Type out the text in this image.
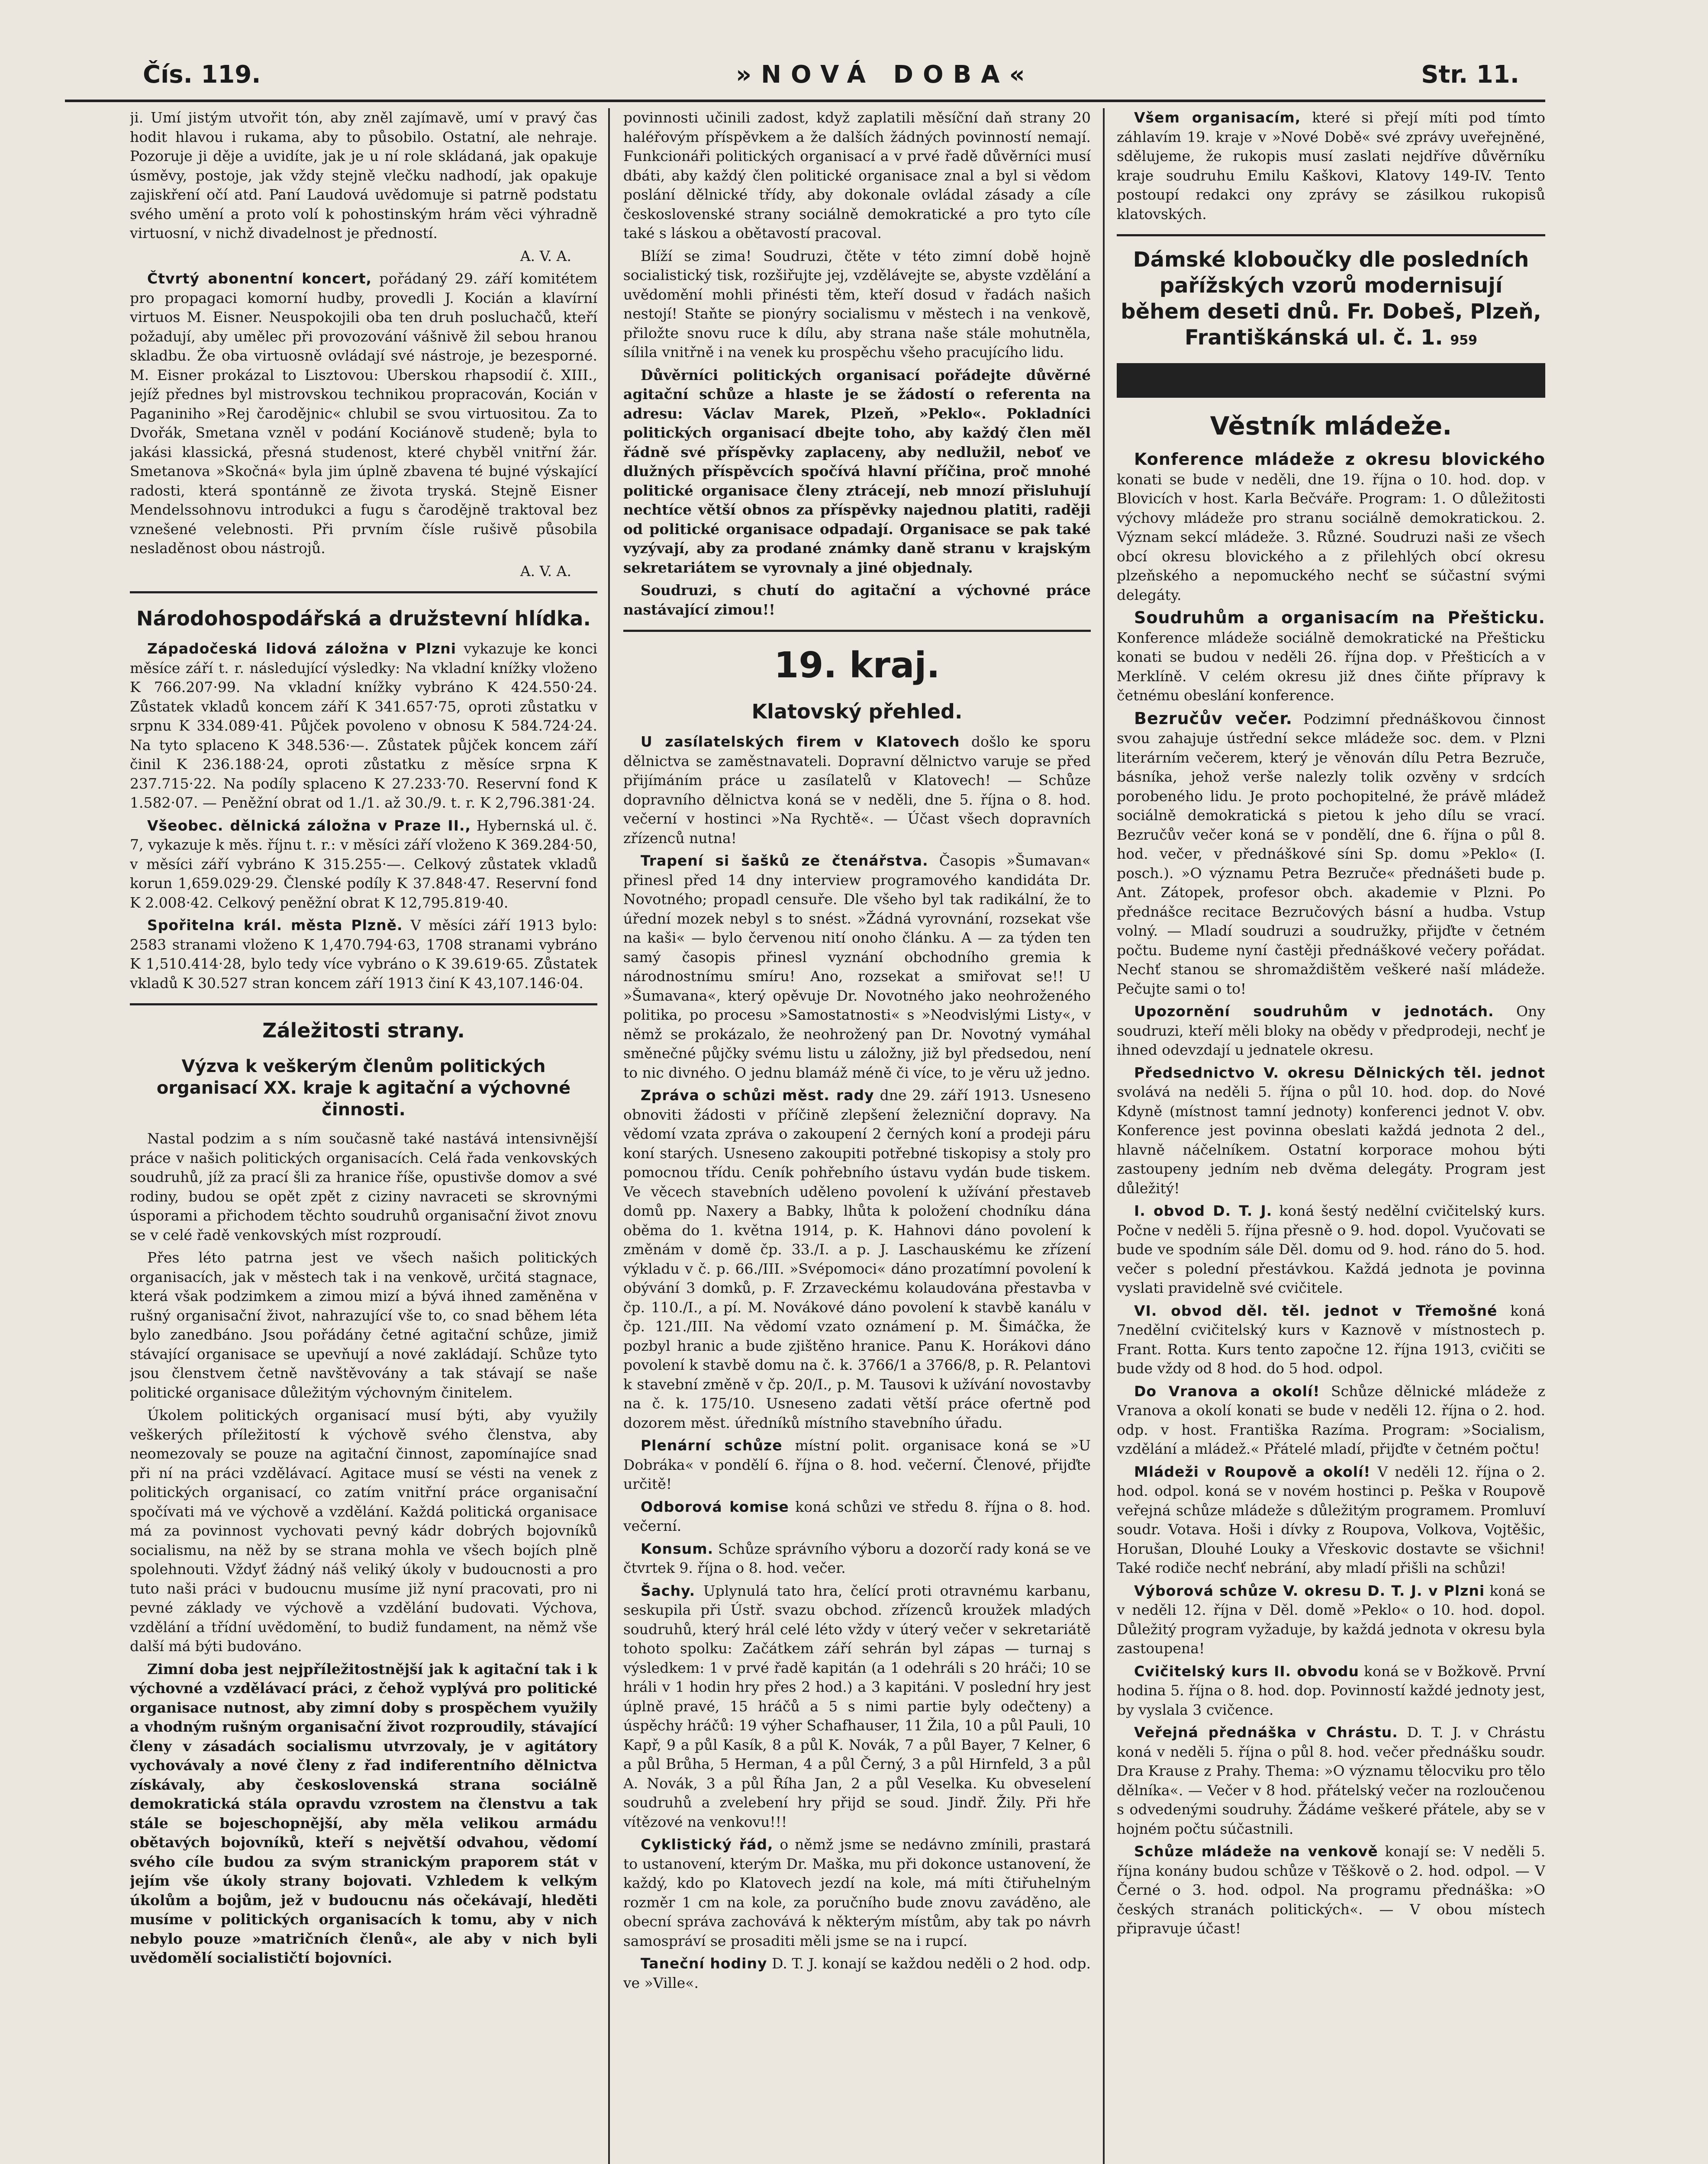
Čís. 119.	»NOVÁ DOBA«	Str. 11.

ji. Umí jistým utvořit tón, aby zněl zajímavě, umí v pravý čas hodit hlavou i rukama, aby to působilo. Ostatní, ale nehraje. Pozoruje ji děje a uvidíte, jak je u ní role skládaná, jak opakuje úsměvy, postoje, jak vždy stejně vlečku nadhodí, jak opakuje zajiskření očí atd. Paní Laudová uvědomuje si patrně podstatu svého umění a proto volí k pohostinským hrám věci výhradně virtuosní, v nichž divadelnost je předností.

A. V. A.

Čtvrtý abonentní koncert, pořádaný 29. září komitétem pro propagaci komorní hudby, provedli J. Kocián a klavírní virtuos M. Eisner. Neuspokojili oba ten druh posluchačů, kteří požadují, aby umělec při provozování vášnivě žil sebou hranou skladbu. Že oba virtuosně ovládají své nástroje, je bezesporné. M. Eisner prokázal to Lisztovou: Uberskou rhapsodií č. XIII., jejíž přednes byl mistrovskou technikou propracován, Kocián v Paganiniho »Rej čarodějnic« chlubil se svou virtuositou. Za to Dvořák, Smetana vzněl v podání Kociánově studeně; byla to jakási klassická, přesná studenost, které chyběl vnitřní žár. Smetanova »Skočná« byla jim úplně zbavena té bujné výskající radosti, která spontánně ze života tryská. Stejně Eisner Mendelssohnovu introdukci a fugu s čarodějně traktoval bez vznešené velebnosti. Při prvním čísle rušivě působila nesladěnost obou nástrojů.

A. V. A.

Národohospodářská a družstevní hlídka.

Západočeská lidová záložna v Plzni vykazuje ke konci měsíce září t. r. následující výsledky: Na vkladní knížky vloženo K 766.207·99. Na vkladní knížky vybráno K 424.550·24. Zůstatek vkladů koncem září K 341.657·75, oproti zůstatku v srpnu K 334.089·41. Půjček povoleno v obnosu K 584.724·24. Na tyto splaceno K 348.536·—. Zůstatek půjček koncem září činil K 236.188·24, oproti zůstatku z měsíce srpna K 237.715·22. Na podíly splaceno K 27.233·70. Reservní fond K 1.582·07. — Peněžní obrat od 1./1. až 30./9. t. r. K 2,796.381·24.

Všeobec. dělnická záložna v Praze II., Hybernská ul. č. 7, vykazuje k měs. říjnu t. r.: v měsíci září vloženo K 369.284·50, v měsíci září vybráno K 315.255·—. Celkový zůstatek vkladů korun 1,659.029·29. Členské podíly K 37.848·47. Reservní fond K 2.008·42. Celkový peněžní obrat K 12,795.819·40.

Spořitelna král. města Plzně. V měsíci září 1913 bylo: 2583 stranami vloženo K 1,470.794·63, 1708 stranami vybráno K 1,510.414·28, bylo tedy více vybráno o K 39.619·65. Zůstatek vkladů K 30.527 stran koncem září 1913 činí K 43,107.146·04.

Záležitosti strany.
Výzva k veškerým členům politických organisací XX. kraje k agitační a výchovné činnosti.

Nastal podzim a s ním současně také nastává intensivnější práce v našich politických organisacích. Celá řada venkovských soudruhů, jíž za prací šli za hranice říše, opustivše domov a své rodiny, budou se opět zpět z ciziny navraceti se skrovnými úsporami a přichodem těchto soudruhů organisační život znovu se v celé řadě venkovských míst rozproudí.

Přes léto patrna jest ve všech našich politických organisacích, jak v městech tak i na venkově, určitá stagnace, která však podzimkem a zimou mizí a bývá ihned zaměněna v rušný organisační život, nahrazující vše to, co snad během léta bylo zanedbáno. Jsou pořádány četné agitační schůze, jimiž stávající organisace se upevňují a nové zakládají. Schůze tyto jsou členstvem četně navštěvovány a tak stávají se naše politické organisace důležitým výchovným činitelem.

Úkolem politických organisací musí býti, aby využily veškerých příležitostí k výchově svého členstva, aby neomezovaly se pouze na agitační činnost, zapomínajíce snad při ní na práci vzdělávací. Agitace musí se vésti na venek z politických organisací, co zatím vnitřní práce organisační spočívati má ve výchově a vzdělání. Každá politická organisace má za povinnost vychovati pevný kádr dobrých bojovníků socialismu, na něž by se strana mohla ve všech bojích plně spolehnouti. Vždyť žádný náš veliký úkoly v budoucnosti a pro tuto naši práci v budoucnu musíme již nyní pracovati, pro ni pevné základy ve výchově a vzdělání budovati. Výchova, vzdělání a třídní uvědomění, to budiž fundament, na němž vše další má býti budováno.

Zimní doba jest nejpříležitostnější jak k agitační tak i k výchovné a vzdělávací práci, z čehož vyplývá pro politické organisace nutnost, aby zimní doby s prospěchem využily a vhodným rušným organisační život rozproudily, stávající členy v zásadách socialismu utvrzovaly, je v agitátory vychovávaly a nové členy z řad indiferentního dělnictva získávaly, aby československá strana sociálně demokratická stála opravdu vzrostem na členstvu a tak stále se bojeschopnější, aby měla velikou armádu obětavých bojovníků, kteří s největší odvahou, vědomí svého cíle budou za svým stranickým praporem stát v jejím vše úkoly strany bojovati. Vzhledem k velkým úkolům a bojům, jež v budoucnu nás očekávají, hleděti musíme v politických organisacích k tomu, aby v nich nebylo pouze »matričních členů«, ale aby v nich byli uvědomělí socialističtí bojovníci.

povinnosti učinili zadost, když zaplatili měsíční daň strany 20 haléřovým příspěvkem a že dalších žádných povinností nemají. Funkcionáři politických organisací a v prvé řadě důvěrníci musí dbáti, aby každý člen politické organisace znal a byl si vědom poslání dělnické třídy, aby dokonale ovládal zásady a cíle československé strany sociálně demokratické a pro tyto cíle také s láskou a obětavostí pracoval.

Blíží se zima! Soudruzi, čtěte v této zimní době hojně socialistický tisk, rozšiřujte jej, vzdělávejte se, abyste vzdělání a uvědomění mohli přinésti těm, kteří dosud v řadách našich nestojí! Staňte se pionýry socialismu v městech i na venkově, přiložte snovu ruce k dílu, aby strana naše stále mohutněla, sílila vnitřně i na venek ku prospěchu všeho pracujícího lidu.

Důvěrníci politických organisací pořádejte důvěrné agitační schůze a hlaste je se žádostí o referenta na adresu: Václav Marek, Plzeň, »Peklo«. Pokladníci politických organisací dbejte toho, aby každý člen měl řádně své příspěvky zaplaceny, aby nedlužil, neboť ve dlužných příspěvcích spočívá hlavní příčina, proč mnohé politické organisace členy ztrácejí, neb mnozí přisluhují nechtíce větší obnos za příspěvky najednou platiti, raději od politické organisace odpadají. Organisace se pak také vyzývají, aby za prodané známky daně stranu v krajským sekretariátem se vyrovnaly a jiné objednaly.

Soudruzi, s chutí do agitační a výchovné práce nastávající zimou!!

19. kraj.
Klatovský přehled.

U zasílatelských firem v Klatovech došlo ke sporu dělnictva se zaměstnavateli. Dopravní dělnictvo varuje se před přijímáním práce u zasílatelů v Klatovech! — Schůze dopravního dělnictva koná se v neděli, dne 5. října o 8. hod. večerní v hostinci »Na Rychtě«. — Účast všech dopravních zřízenců nutna!

Trapení si šašků ze čtenářstva. Časopis »Šumavan« přinesl před 14 dny interview programového kandidáta Dr. Novotného; propadl censuře. Dle všeho byl tak radikální, že to úřední mozek nebyl s to snést. »Žádná vyrovnání, rozsekat vše na kaši« — bylo červenou nití onoho článku. A — za týden ten samý časopis přinesl vyznání obchodního gremia k národnostnímu smíru! Ano, rozsekat a smiřovat se!! U »Šumavana«, který opěvuje Dr. Novotného jako neohroženého politika, po procesu »Samostatnosti« s »Neodvislými Listy«, v němž se prokázalo, že neohrožený pan Dr. Novotný vymáhal směnečné půjčky svému listu u záložny, již byl předsedou, není to nic divného. O jednu blamáž méně či více, to je věru už jedno.

Zpráva o schůzi měst. rady dne 29. září 1913. Usneseno obnoviti žádosti v příčině zlepšení železniční dopravy. Na vědomí vzata zpráva o zakoupení 2 černých koní a prodeji páru koní starých. Usneseno zakoupiti potřebné tiskopisy a stoly pro pomocnou třídu. Ceník pohřebního ústavu vydán bude tiskem. Ve věcech stavebních uděleno povolení k užívání přestaveb domů pp. Naxery a Babky, lhůta k položení chodníku dána oběma do 1. května 1914, p. K. Hahnovi dáno povolení k změnám v domě čp. 33./I. a p. J. Laschauskému ke zřízení výkladu v č. p. 66./III. »Svépomoci« dáno prozatímní povolení k obývání 3 domků, p. F. Zrzaveckému kolaudována přestavba v čp. 110./I., a pí. M. Novákové dáno povolení k stavbě kanálu v čp. 121./III. Na vědomí vzato oznámení p. M. Šimáčka, že pozbyl hranic a bude zjištěno hranice. Panu K. Horákovi dáno povolení k stavbě domu na č. k. 3766/1 a 3766/8, p. R. Pelantovi k stavební změně v čp. 20/I., p. M. Tausovi k užívání novostavby na č. k. 175/10. Usneseno zadati větší práce ofertně pod dozorem měst. úředníků místního stavebního úřadu.

Plenární schůze místní polit. organisace koná se »U Dobráka« v pondělí 6. října o 8. hod. večerní. Členové, přijďte určitě!

Odborová komise koná schůzi ve středu 8. října o 8. hod. večerní.

Konsum. Schůze správního výboru a dozorčí rady koná se ve čtvrtek 9. října o 8. hod. večer.

Šachy. Uplynulá tato hra, čelící proti otravnému karbanu, seskupila při Ústř. svazu obchod. zřízenců kroužek mladých soudruhů, který hrál celé léto vždy v úterý večer v sekretariátě tohoto spolku: Začátkem září sehrán byl zápas — turnaj s výsledkem: 1 v prvé řadě kapitán (a 1 odehráli s 20 hráči; 10 se hráli v 1 hodin hry přes 2 hod.) a 3 kapitáni. V poslední hry jest úplně pravé, 15 hráčů a 5 s nimi partie byly odečteny) a úspěchy hráčů: 19 výher Schafhauser, 11 Žila, 10 a půl Pauli, 10 Kapř, 9 a půl Kasík, 8 a půl K. Novák, 7 a půl Bayer, 7 Kelner, 6 a půl Brůha, 5 Herman, 4 a půl Černý, 3 a půl Hirnfeld, 3 a půl A. Novák, 3 a půl Říha Jan, 2 a půl Veselka. Ku obveselení soudruhů a zvelebení hry přijd se soud. Jindř. Žily. Při hře vítězové na venkovu!!!

Cyklistický řád, o němž jsme se nedávno zmínili, prastará to ustanovení, kterým Dr. Maška, mu při dokonce ustanovení, že každý, kdo po Klatovech jezdí na kole, má míti čtiřuhelným rozměr 1 cm na kole, za poručního bude znovu zaváděno, ale obecní správa zachovává k některým místům, aby tak po návrh samospráví se prosaditi měli jsme se na i rupcí.

Taneční hodiny D. T. J. konají se každou neděli o 2 hod. odp. ve »Ville«.

Všem organisacím, které si přejí míti pod tímto záhlavím 19. kraje v »Nové Době« své zprávy uveřejněné, sdělujeme, že rukopis musí zaslati nejdříve důvěrníku kraje soudruhu Emilu Kaškovi, Klatovy 149-IV. Tento postoupí redakci ony zprávy se zásilkou rukopisů klatovských.

Dámské kloboučky dle posledních pařížských vzorů modernisují během deseti dnů. Fr. Dobeš, Plzeň, Františkánská ul. č. 1. 959
Věstník mládeže.

Konference mládeže z okresu blovického konati se bude v neděli, dne 19. října o 10. hod. dop. v Blovicích v host. Karla Bečváře. Program: 1. O důležitosti výchovy mládeže pro stranu sociálně demokratickou. 2. Význam sekcí mládeže. 3. Různé. Soudruzi naši ze všech obcí okresu blovického a z přilehlých obcí okresu plzeňského a nepomuckého nechť se súčastní svými delegáty.

Soudruhům a organisacím na Přešticku. Konference mládeže sociálně demokratické na Přešticku konati se budou v neděli 26. října dop. v Přešticích a v Merklíně. V celém okresu již dnes čiňte přípravy k četnému obeslání konference.

Bezručův večer. Podzimní přednáškovou činnost svou zahajuje ústřední sekce mládeže soc. dem. v Plzni literárním večerem, který je věnován dílu Petra Bezruče, básníka, jehož verše nalezly tolik ozvěny v srdcích porobeného lidu. Je proto pochopitelné, že právě mládež sociálně demokratická s pietou k jeho dílu se vrací. Bezručův večer koná se v pondělí, dne 6. října o půl 8. hod. večer, v přednáškové síni Sp. domu »Peklo« (I. posch.). »O významu Petra Bezruče« přednášeti bude p. Ant. Zátopek, profesor obch. akademie v Plzni. Po přednášce recitace Bezručových básní a hudba. Vstup volný. — Mladí soudruzi a soudružky, přijďte v četném počtu. Budeme nyní častěji přednáškové večery pořádat. Nechť stanou se shromaždištěm veškeré naší mládeže. Pečujte sami o to!

Upozornění soudruhům v jednotách. Ony soudruzi, kteří měli bloky na obědy v předprodeji, nechť je ihned odevzdají u jednatele okresu.

Předsednictvo V. okresu Dělnických těl. jednot svolává na neděli 5. října o půl 10. hod. dop. do Nové Kdyně (místnost tamní jednoty) konferenci jednot V. obv. Konference jest povinna obeslati každá jednota 2 del., hlavně náčelníkem. Ostatní korporace mohou býti zastoupeny jedním neb dvěma delegáty. Program jest důležitý!

I. obvod D. T. J. koná šestý nedělní cvičitelský kurs. Počne v neděli 5. října přesně o 9. hod. dopol. Vyučovati se bude ve spodním sále Děl. domu od 9. hod. ráno do 5. hod. večer s polední přestávkou. Každá jednota je povinna vyslati pravidelně své cvičitele.

VI. obvod děl. těl. jednot v Třemošné koná 7nedělní cvičitelský kurs v Kaznově v místnostech p. Frant. Rotta. Kurs tento započne 12. října 1913, cvičiti se bude vždy od 8 hod. do 5 hod. odpol.

Do Vranova a okolí! Schůze dělnické mládeže z Vranova a okolí konati se bude v neděli 12. října o 2. hod. odp. v host. Františka Razíma. Program: »Socialism, vzdělání a mládež.« Přátelé mladí, přijďte v četném počtu!

Mládeži v Roupově a okolí! V neděli 12. října o 2. hod. odpol. koná se v novém hostinci p. Peška v Roupově veřejná schůze mládeže s důležitým programem. Promluví soudr. Votava. Hoši i dívky z Roupova, Volkova, Vojtěšic, Horušan, Dlouhé Louky a Vřeskovic dostavte se všichni! Také rodiče nechť nebrání, aby mladí přišli na schůzi!

Výborová schůze V. okresu D. T. J. v Plzni koná se v neděli 12. října v Děl. domě »Peklo« o 10. hod. dopol. Důležitý program vyžaduje, by každá jednota v okresu byla zastoupena!

Cvičitelský kurs II. obvodu koná se v Božkově. První hodina 5. října o 8. hod. dop. Povinností každé jednoty jest, by vyslala 3 cvičence.

Veřejná přednáška v Chrástu. D. T. J. v Chrástu koná v neděli 5. října o půl 8. hod. večer přednášku soudr. Dra Krause z Prahy. Thema: »O významu tělocviku pro tělo dělníka«. — Večer v 8 hod. přátelský večer na rozloučenou s odvedenými soudruhy. Žádáme veškeré přátele, aby se v hojném počtu súčastnili.

Schůze mládeže na venkově konají se: V neděli 5. října konány budou schůze v Těškově o 2. hod. odpol. — V Černé o 3. hod. odpol. Na programu přednáška: »O českých stranách politických«. — V obou místech připravuje účast!
